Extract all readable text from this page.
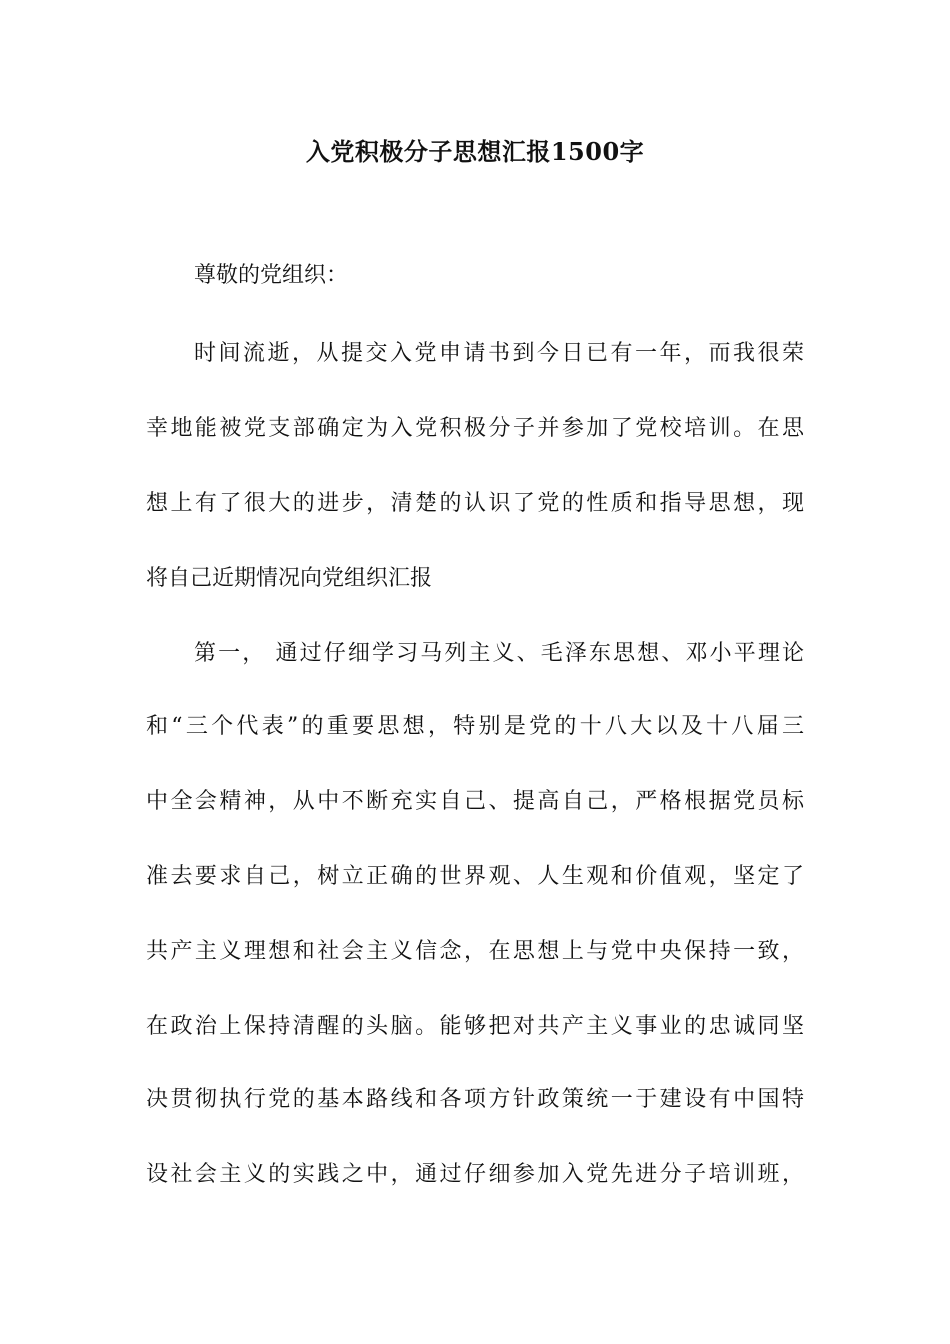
入党积极分子思想汇报1500字

尊敬的党组织：

时间流逝，从提交入党申请书到今日已有一年，而我很荣

幸地能被党支部确定为入党积极分子并参加了党校培训。在思

想上有了很大的进步，清楚的认识了党的性质和指导思想，现

将自己近期情况向党组织汇报

第一， 通过仔细学习马列主义、毛泽东思想、邓小平理论

和“三个代表”的重要思想，特别是党的十八大以及十八届三

中全会精神，从中不断充实自己、提高自己，严格根据党员标

准去要求自己，树立正确的世界观、人生观和价值观，坚定了

共产主义理想和社会主义信念，在思想上与党中央保持一致，

在政治上保持清醒的头脑。能够把对共产主义事业的忠诚同坚

决贯彻执行党的基本路线和各项方针政策统一于建设有中国特

设社会主义的实践之中，通过仔细参加入党先进分子培训班，
